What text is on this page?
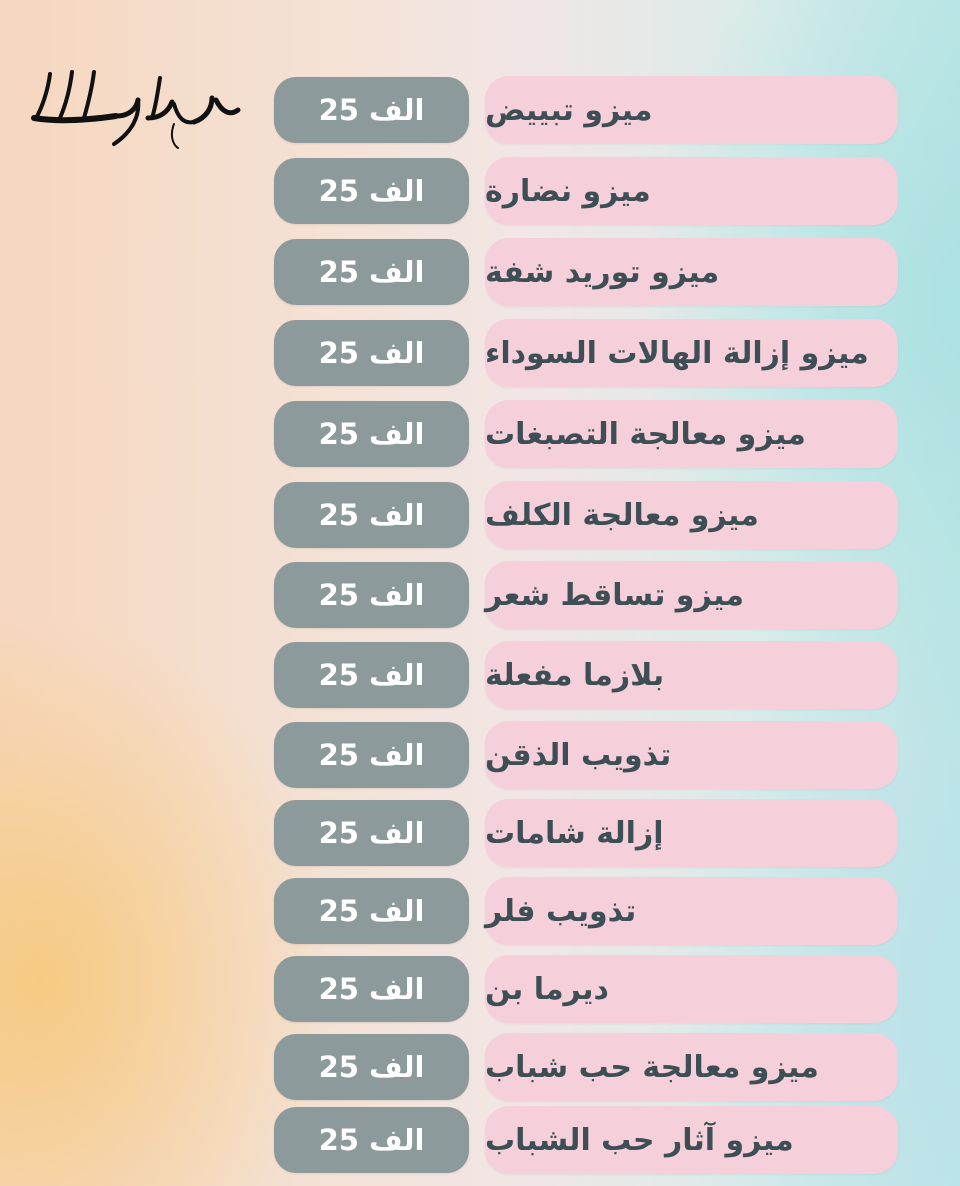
25 الف	ميزو تبييض
25 الف	ميزو نضارة
25 الف	ميزو توريد شفة
25 الف	ميزو إزالة الهالات السوداء
25 الف	ميزو معالجة التصبغات
25 الف	ميزو معالجة الكلف
25 الف	ميزو تساقط شعر
25 الف	بلازما مفعلة
25 الف	تذويب الذقن
25 الف	إزالة شامات
25 الف	تذويب فلر
25 الف	ديرما بن
25 الف	ميزو معالجة حب شباب
25 الف	ميزو آثار حب الشباب
